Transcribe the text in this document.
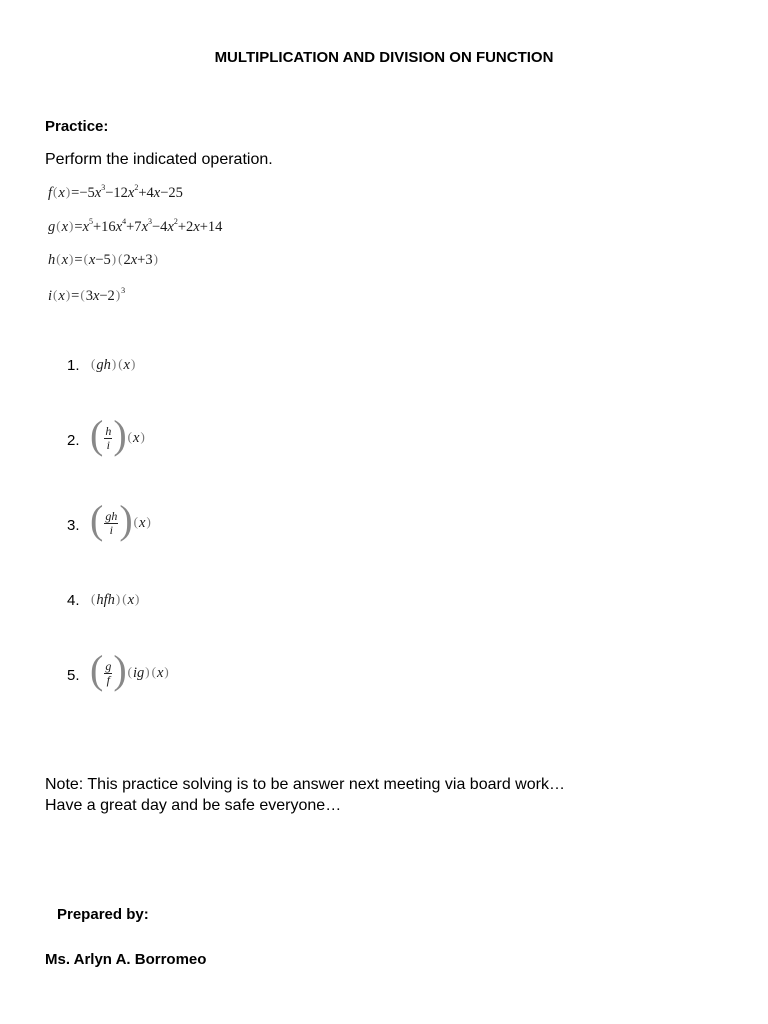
MULTIPLICATION AND DIVISION ON FUNCTION
Practice:
Perform the indicated operation.
$f(x)=-5x^3-12x^2+4x-25$
$g(x)=x^5+16x^4+7x^3-4x^2+2x+14$
h(x)=(x−5) (2x+3)
$i(x)=(3x-2)^3$
1. (gh) (x)
2. ( $\frac{h}{i}$ ) ( x )
3. ( $\frac{gh}{i}$ ) ( x )
4. (hfh) (x)
5. ( $\frac{g}{f}$ ) ( ig ) ( x )
Note: This practice solving is to be answer next meeting via board work…
Have a great day and be safe everyone…
Prepared by:
Ms. Arlyn A. Borromeo
